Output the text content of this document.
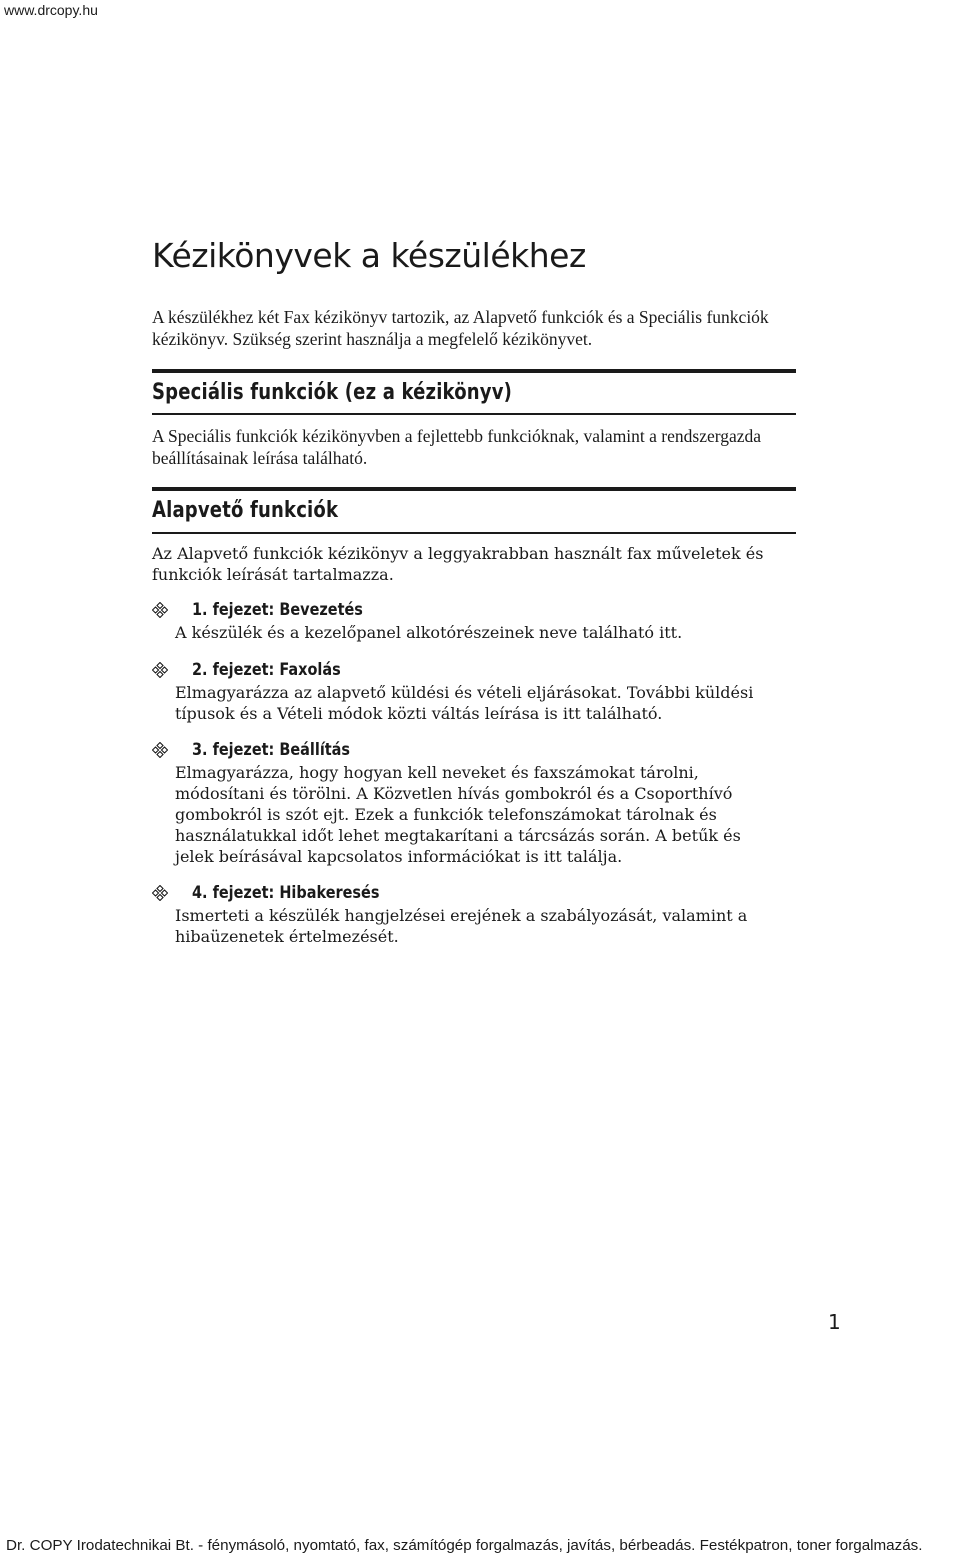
www.drcopy.hu
Kézikönyvek a készülékhez

A készülékhez két Fax kézikönyv tartozik, az Alapvető funkciók és a Speciális funkciók kézikönyv. Szükség szerint használja a megfelelő kézikönyvet.

Speciális funkciók (ez a kézikönyv)

A Speciális funkciók kézikönyvben a fejlettebb funkcióknak, valamint a rendszergazda beállításainak leírása található.

Alapvető funkciók

Az Alapvető funkciók kézikönyv a leggyakrabban használt fax műveletek és funkciók leírását tartalmazza.

1. fejezet: Bevezetés

A készülék és a kezelőpanel alkotórészeinek neve található itt.

2. fejezet: Faxolás

Elmagyarázza az alapvető küldési és vételi eljárásokat. További küldési típusok és a Vételi módok közti váltás leírása is itt található.

3. fejezet: Beállítás

Elmagyarázza, hogy hogyan kell neveket és faxszámokat tárolni, módosítani és törölni. A Közvetlen hívás gombokról és a Csoporthívó gombokról is szót ejt. Ezek a funkciók telefonszámokat tárolnak és használatukkal időt lehet megtakarítani a tárcsázás során. A betűk és jelek beírásával kapcsolatos információkat is itt találja.

4. fejezet: Hibakeresés

Ismerteti a készülék hangjelzései erejének a szabályozását, valamint a hibaüzenetek értelmezését.

1
Dr. COPY Irodatechnikai Bt. - fénymásoló, nyomtató, fax, számítógép forgalmazás, javítás, bérbeadás. Festékpatron, toner forgalmazás.
